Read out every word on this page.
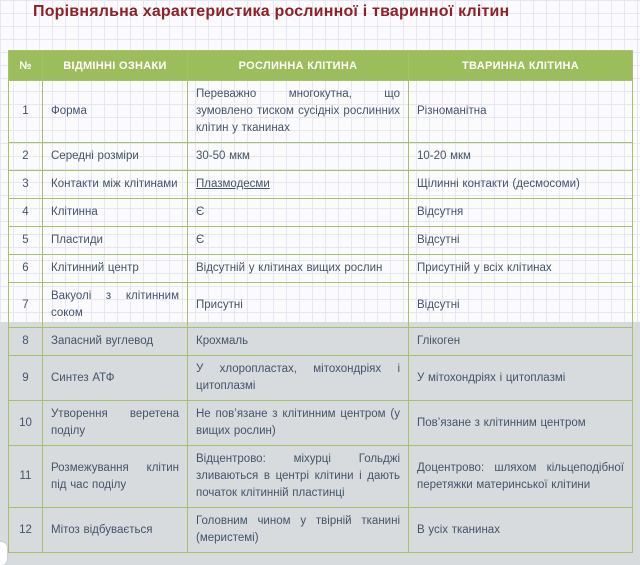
Порівняльна характеристика рослинної і тваринної клітин
№	ВІДМІННІ ОЗНАКИ	РОСЛИННА КЛІТИНА	ТВАРИННА КЛІТИНА
1	Форма	Переважно многокутна, що зумовлено тиском сусідніх рослинних клітин у тканинах	Різноманітна
2	Середні розміри	30-50 мкм	10-20 мкм
3	Контакти між клітинами	Плазмодесми	Щілинні контакти (десмосоми)
4	Клітинна	Є	Відсутня
5	Пластиди	Є	Відсутні
6	Клітинний центр	Відсутній у клітинах вищих рослин	Присутній у всіх клітинах
7	Вакуолі з клітинним соком	Присутні	Відсутні
8	Запасний вуглевод	Крохмаль	Глікоген
9	Синтез АТФ	У хлоропластах, мітохондріях і цитоплазмі	У мітохондріях і цитоплазмі
10	Утворення веретена поділу	Не пов’язане з клітинним центром (у вищих рослин)	Пов’язане з клітинним центром
11	Розмежування клітин під час поділу	Відцентрово: міхурці Гольджі зливаються в центрі клітини і дають початок клітинній пластинці	Доцентрово: шляхом кільцеподібної перетяжки материнської клітини
12	Мітоз відбувається	Головним чином у твірній тканині (меристемі)	В усіх тканинах
